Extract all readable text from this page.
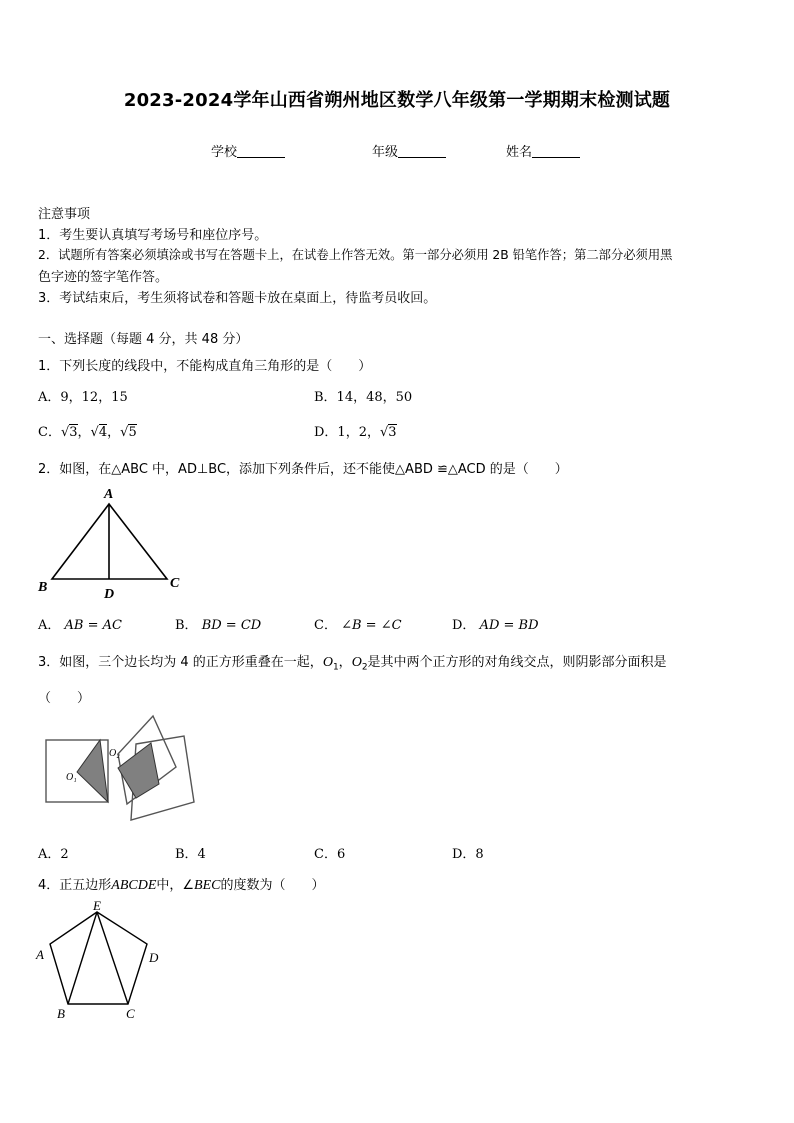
2023-2024学年山西省朔州地区数学八年级第一学期期末检测试题
学校	年级	姓名
注意事项
1．考生要认真填写考场号和座位序号。
2．试题所有答案必须填涂或书写在答题卡上，在试卷上作答无效。第一部分必须用 2B 铅笔作答；第二部分必须用黑
色字迹的签字笔作答。
3．考试结束后，考生须将试卷和答题卡放在桌面上，待监考员收回。
一、选择题（每题 4 分，共 48 分）
1．下列长度的线段中，不能构成直角三角形的是（　　）
A．9，12，15	B．14，48，50
C．√3，√4，√5	D．1，2，√3
2．如图，在△ABC 中，AD⊥BC，添加下列条件后，还不能使△ABD ≌△ACD 的是（　　）
A
B	C
D
A． AB = AC	B． BD = CD	C． ∠B = ∠C	D． AD = BD
3．如图，三个边长均为 4 的正方形重叠在一起，$O_1$，$O_2$是其中两个正方形的对角线交点，则阴影部分面积是
（　　）
O₁
O₂
A．2	B．4	C．6	D．8
4．正五边形ABCDE中，∠BEC的度数为（　　）
E
A	D
B	C
